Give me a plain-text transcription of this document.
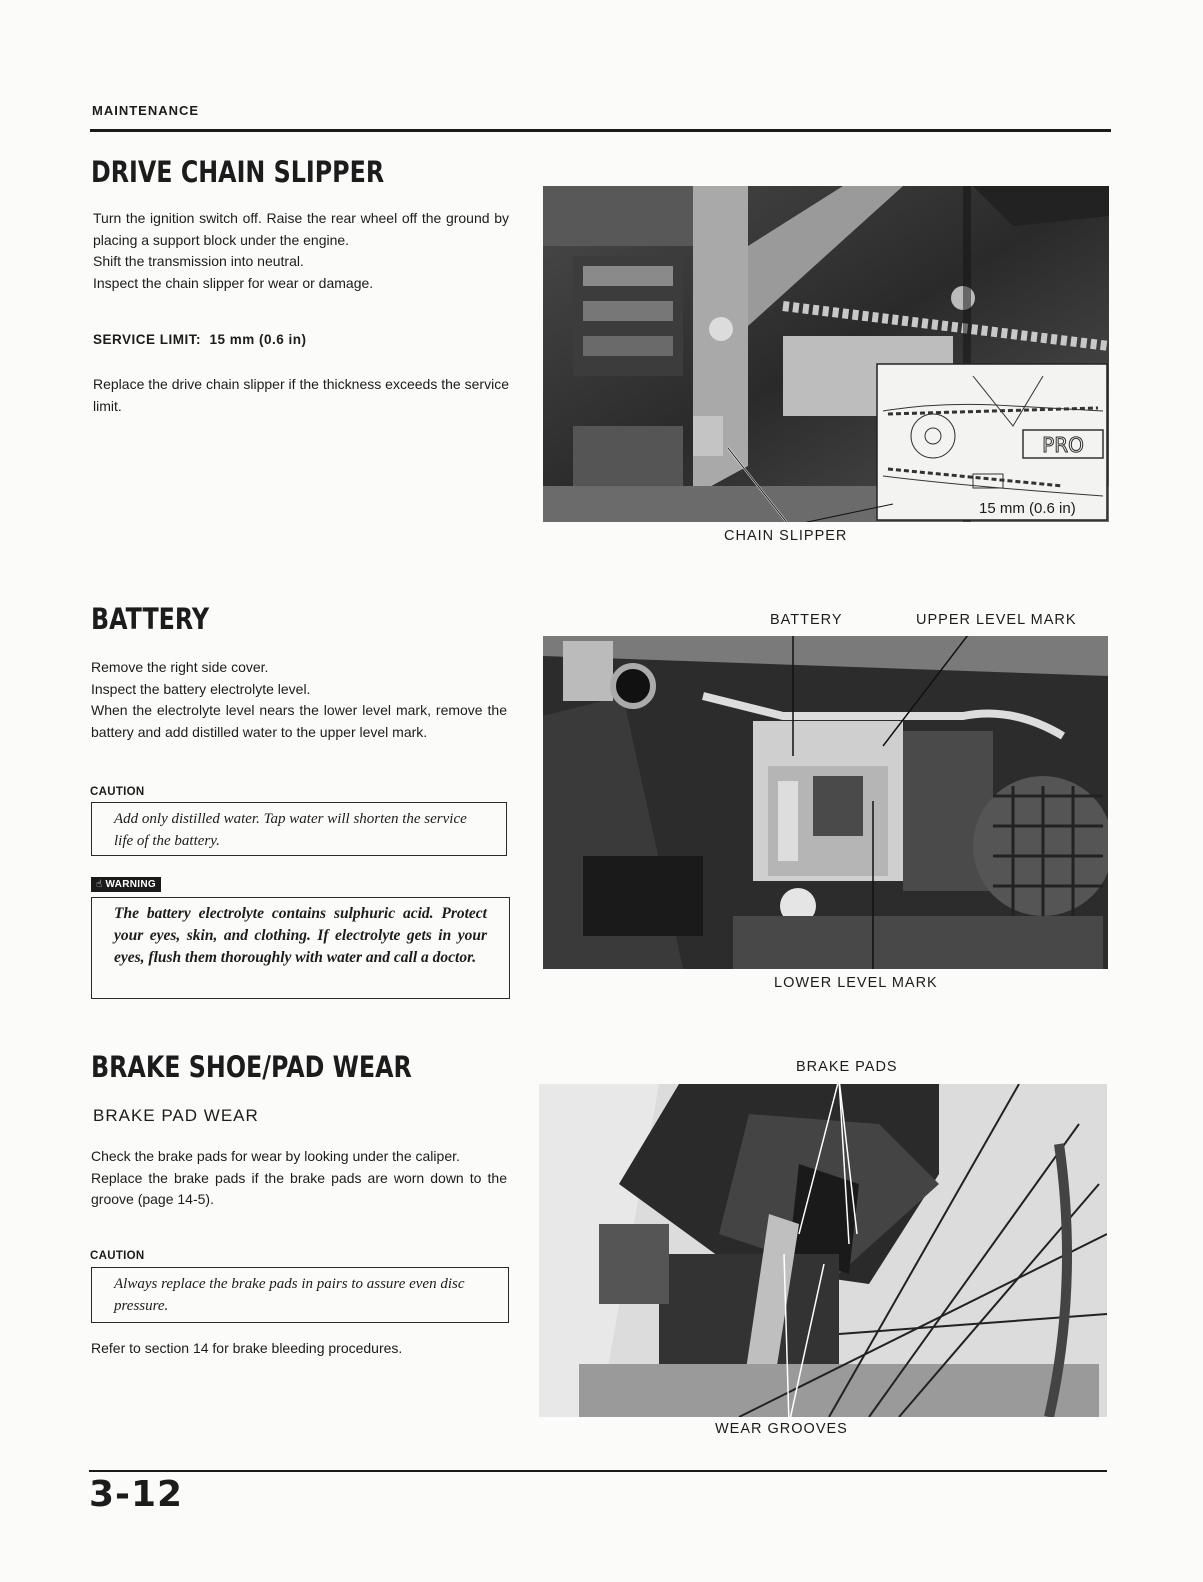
MAINTENANCE
DRIVE CHAIN SLIPPER

Turn the ignition switch off. Raise the rear wheel off the ground by placing a support block under the engine.

Shift the transmission into neutral.

Inspect the chain slipper for wear or damage.

SERVICE LIMIT:  15 mm (0.6 in)

Replace the drive chain slipper if the thickness exceeds the service limit.

PRO
15 mm (0.6 in)
CHAIN SLIPPER
BATTERY

Remove the right side cover.

Inspect the battery electrolyte level.

When the electrolyte level nears the lower level mark, remove the battery and add distilled water to the upper level mark.

CAUTION
Add only distilled water. Tap water will shorten the service life of the battery.
☝ WARNING
The battery electrolyte contains sulphuric acid. Protect your eyes, skin, and clothing. If electrolyte gets in your eyes, flush them thoroughly with water and call a doctor.
BATTERY	UPPER LEVEL MARK
LOWER LEVEL MARK
BRAKE SHOE/PAD WEAR
BRAKE PAD WEAR

Check the brake pads for wear by looking under the caliper.

Replace the brake pads if the brake pads are worn down to the groove (page 14-5).

CAUTION
Always replace the brake pads in pairs to assure even disc pressure.

Refer to section 14 for brake bleeding procedures.

BRAKE PADS
WEAR GROOVES
3-12
